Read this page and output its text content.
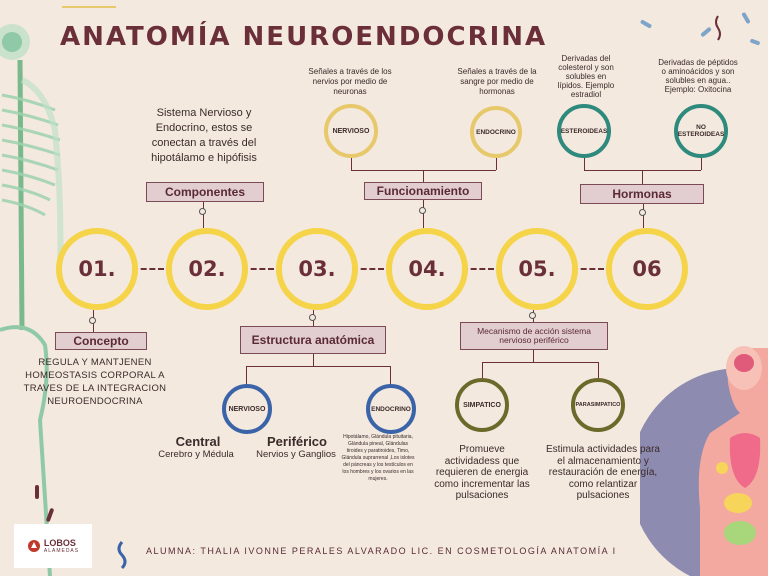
ANATOMÍA NEUROENDOCRINA
01.	02.	03.	04.	05.	06
Concepto
REGULA Y MANTJENEN HOMEOSTASIS CORPORAL A TRAVES DE LA INTEGRACION NEUROENDOCRINA
Sistema Nervioso y Endocrino, estos se conectan a través del hipotálamo e hipófisis
Componentes
Estructura anatómica
NERVIOSO	ENDOCRINO
Central
Cerebro y Médula
Periférico
Nervios y Ganglios
Hipotálamo, Glándula pituitaria, Glándula pineal, Glándulas tiroides y paratiroides, Timo, Glándula suprarrenal ,Los islotes del páncreas y los testículos en los hombres y los ovarios en las mujeres.
Señales a través de los nervios por medio de neuronas
NERVIOSO
Señales a través de la sangre por medio de hormonas
ENDOCRINO
Funcionamiento
Mecanismo de acción sistema nervioso periférico
SIMPATICO	PARASIMPATICO
Promueve actividadess que requieren de energia como incrementar las pulsaciones
Estimula actividades para el almacenamiento y restauración de energía, como relantizar pulsaciones
Derivadas del colesterol y son solubles en lípidos. Ejemplo estradiol
ESTEROIDEAS
Derivadas de péptidos o aminoácidos y son solubles en agua.. Ejemplo: Oxitocina
NO ESTEROIDEAS
Hormonas
LOBOS
ALAMEDAS	ALUMNA: THALIA IVONNE PERALES ALVARADO LIC. EN COSMETOLOGÍA ANATOMÍA I
